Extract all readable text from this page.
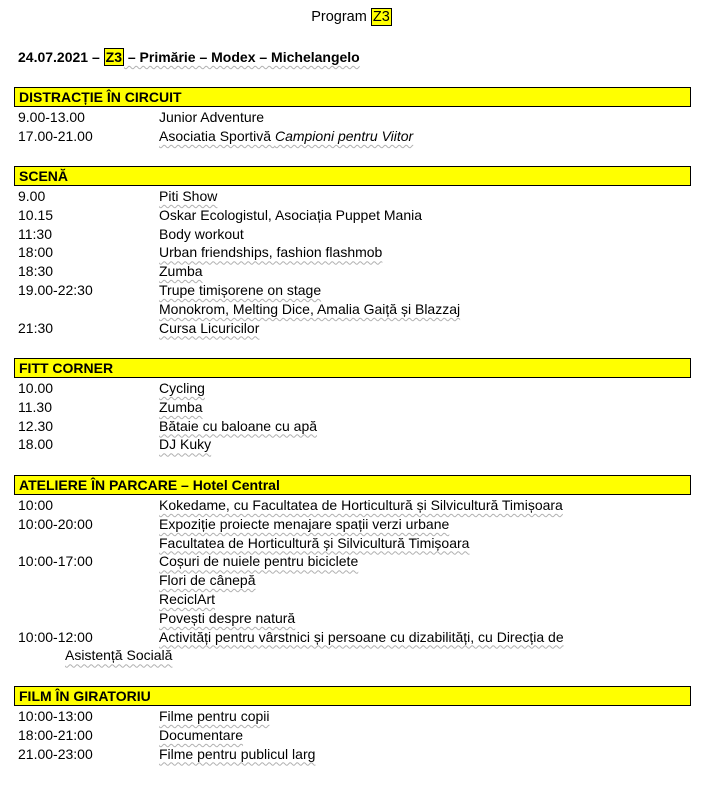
Program Z3
24.07.2021 – Z3 – Primărie – Modex – Michelangelo
DISTRACȚIE ÎN CIRCUIT
9.00-13.00	Junior Adventure
17.00-21.00	Asociatia Sportivă Campioni pentru Viitor
SCENĂ
9.00	Piti Show
10.15	Oskar Ecologistul, Asociația Puppet Mania
11:30	Body workout
18:00	Urban friendships, fashion flashmob
18:30	Zumba
19.00-22:30	Trupe timișorene on stage
Monokrom, Melting Dice, Amalia Gaiță și Blazzaj
21:30	Cursa Licuricilor
FITT CORNER
10.00	Cycling
11.30	Zumba
12.30	Bătaie cu baloane cu apă
18.00	DJ Kuky
ATELIERE ÎN PARCARE – Hotel Central
10:00	Kokedame, cu Facultatea de Horticultură și Silvicultură Timișoara
10:00-20:00	Expoziție proiecte menajare spații verzi urbane
Facultatea de Horticultură și Silvicultură Timișoara
10:00-17:00	Coșuri de nuiele pentru biciclete
Flori de cânepă
ReciclArt
Povești despre natură
10:00-12:00	Activități pentru vârstnici și persoane cu dizabilități, cu Direcția de
Asistență Socială
FILM ÎN GIRATORIU
10:00-13:00	Filme pentru copii
18:00-21:00	Documentare
21.00-23:00	Filme pentru publicul larg
